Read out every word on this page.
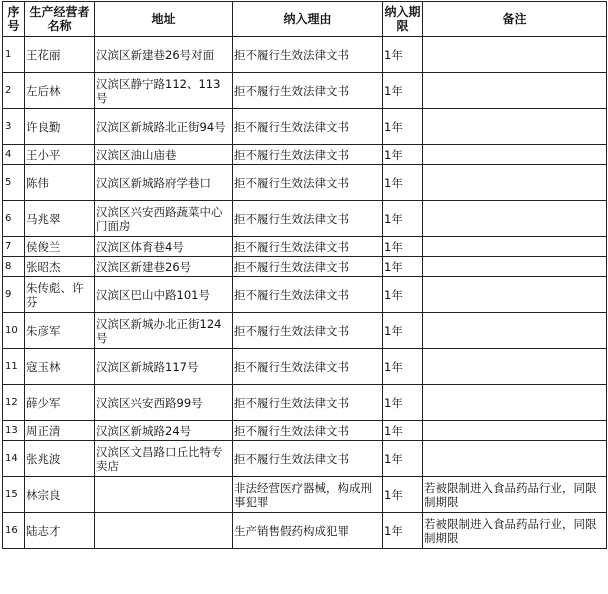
序号	生产经营者名称	地址	纳入理由	纳入期限	备注
1	王花丽	汉滨区新建巷26号对面	拒不履行生效法律文书	1年	
2	左后林	汉滨区静宁路112、113号	拒不履行生效法律文书	1年	
3	许良勤	汉滨区新城路北正街94号	拒不履行生效法律文书	1年	
4	王小平	汉滨区油山庙巷	拒不履行生效法律文书	1年	
5	陈伟	汉滨区新城路府学巷口	拒不履行生效法律文书	1年	
6	马兆翠	汉滨区兴安西路蔬菜中心门面房	拒不履行生效法律文书	1年	
7	侯俊兰	汉滨区体育巷4号	拒不履行生效法律文书	1年	
8	张昭杰	汉滨区新建巷26号	拒不履行生效法律文书	1年	
9	朱传彪、许芬	汉滨区巴山中路101号	拒不履行生效法律文书	1年	
10	朱彦军	汉滨区新城办北正街124号	拒不履行生效法律文书	1年	
11	寇玉林	汉滨区新城路117号	拒不履行生效法律文书	1年	
12	薛少军	汉滨区兴安西路99号	拒不履行生效法律文书	1年	
13	周正清	汉滨区新城路24号	拒不履行生效法律文书	1年	
14	张兆波	汉滨区文昌路口丘比特专卖店	拒不履行生效法律文书	1年	
15	林宗良		非法经营医疗器械，构成刑事犯罪	1年	若被限制进入食品药品行业，同限制期限
16	陆志才		生产销售假药构成犯罪	1年	若被限制进入食品药品行业，同限制期限
